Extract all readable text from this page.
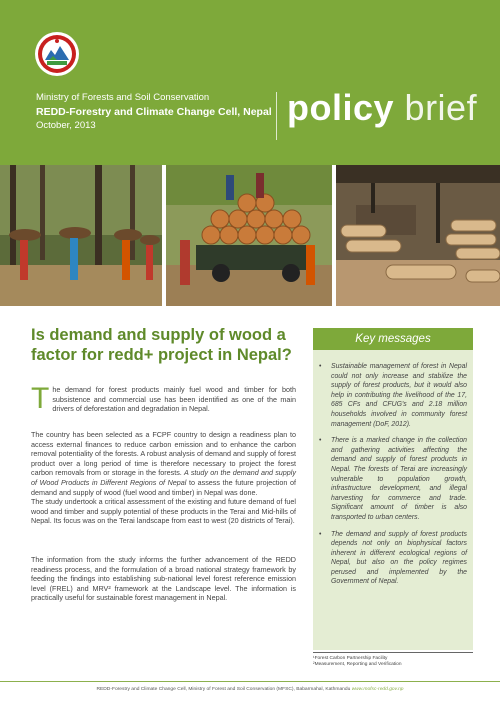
Ministry of Forests and Soil Conservation
REDD-Forestry and Climate Change Cell, Nepal
October, 2013	policy brief
Is demand and supply of wood a factor for redd+ project in Nepal?

The demand for forest products mainly fuel wood and timber for both subsistence and commercial use has been identified as one of the main drivers of deforestation and degradation in Nepal.

The country has been selected as a FCPF country to design a readiness plan to access external finances to reduce carbon emission and to enhance the carbon removal potentiality of the forests. A robust analysis of demand and supply of forest product over a long period of time is therefore necessary to project the forest carbon removals from or storage in the forests. A study on the demand and supply of Wood Products in Different Regions of Nepal to assess the future projection of demand and supply of wood (fuel wood and timber) in Nepal was done.

The study undertook a critical assessment of the existing and future demand of fuel wood and timber and supply potential of these products in the Terai and Mid-hills of Nepal. Its focus was on the Terai landscape from east to west (20 districts of Terai).

The information from the study informs the further advancement of the REDD readiness process, and the formulation of a broad national strategy framework by feeding the findings into establishing sub-national level forest reference emission level (FREL) and MRV² framework at the Landscape level. The information is practically useful for sustainable forest management in Nepal.

Key messages
• Sustainable management of forest in Nepal could not only increase and stabilize the supply of forest products, but it would also help in contributing the livelihood of the 17, 685 CFs and CFUG's and 2.18 million households involved in community forest management (DoF, 2012).
• There is a marked change in the collection and gathering activities affecting the demand and supply of forest products in Nepal. The forests of Terai are increasingly vulnerable to population growth, infrastructure development, and illegal harvesting for commerce and trade. Significant amount of timber is also transported to urban centers.
• The demand and supply of forest products depends not only on biophysical factors inherent in different ecological regions of Nepal, but also on the policy regimes perused and implemented by the Government of Nepal.
¹Forest Carbon Partnership Facility
²Measurement, Reporting and Verification
REDD-Forestry and Climate Change Cell, Ministry of Forest and Soil Conservation (MFSC), Babarmahal, Kathmandu www.mofsc-redd.gov.np
